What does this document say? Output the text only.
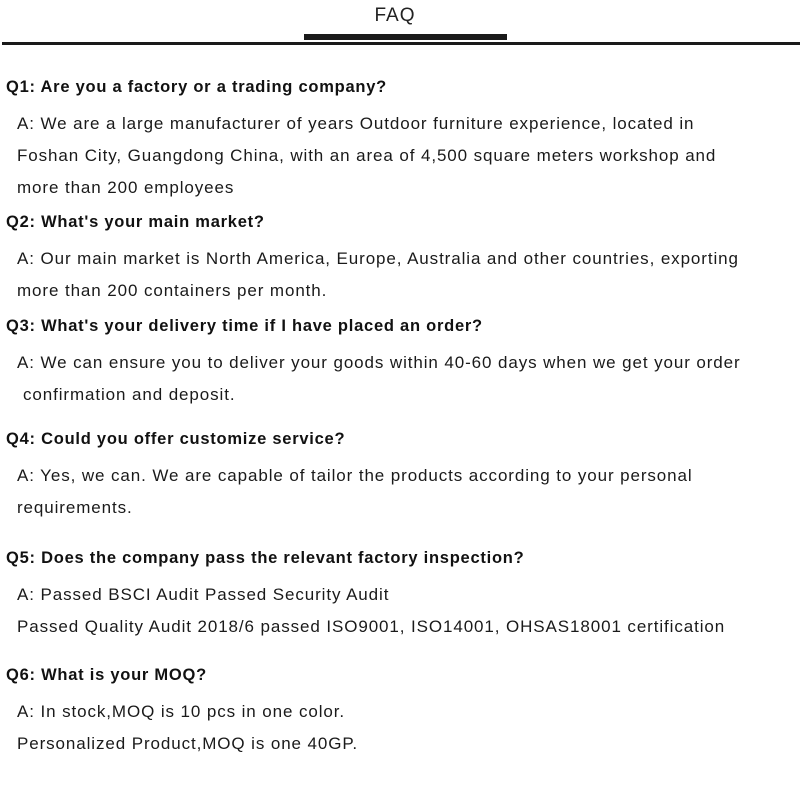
FAQ

Q1: Are you a factory or a trading company?

A: We are a large manufacturer of years Outdoor furniture experience, located in

Foshan City, Guangdong China, with an area of 4,500 square meters workshop and

more than 200 employees

Q2: What's your main market?

A: Our main market is North America, Europe, Australia and other countries, exporting

more than 200 containers per month.

Q3: What's your delivery time if I have placed an order?

A: We can ensure you to deliver your goods within 40-60 days when we get your order

confirmation and deposit.

Q4: Could you offer customize service?

A: Yes, we can. We are capable of tailor the products according to your personal

requirements.

Q5: Does the company pass the relevant factory inspection?

A: Passed BSCI Audit Passed Security Audit

Passed Quality Audit 2018/6 passed ISO9001, ISO14001, OHSAS18001 certification

Q6: What is your MOQ?

A: In stock,MOQ is 10 pcs in one color.

Personalized Product,MOQ is one 40GP.
